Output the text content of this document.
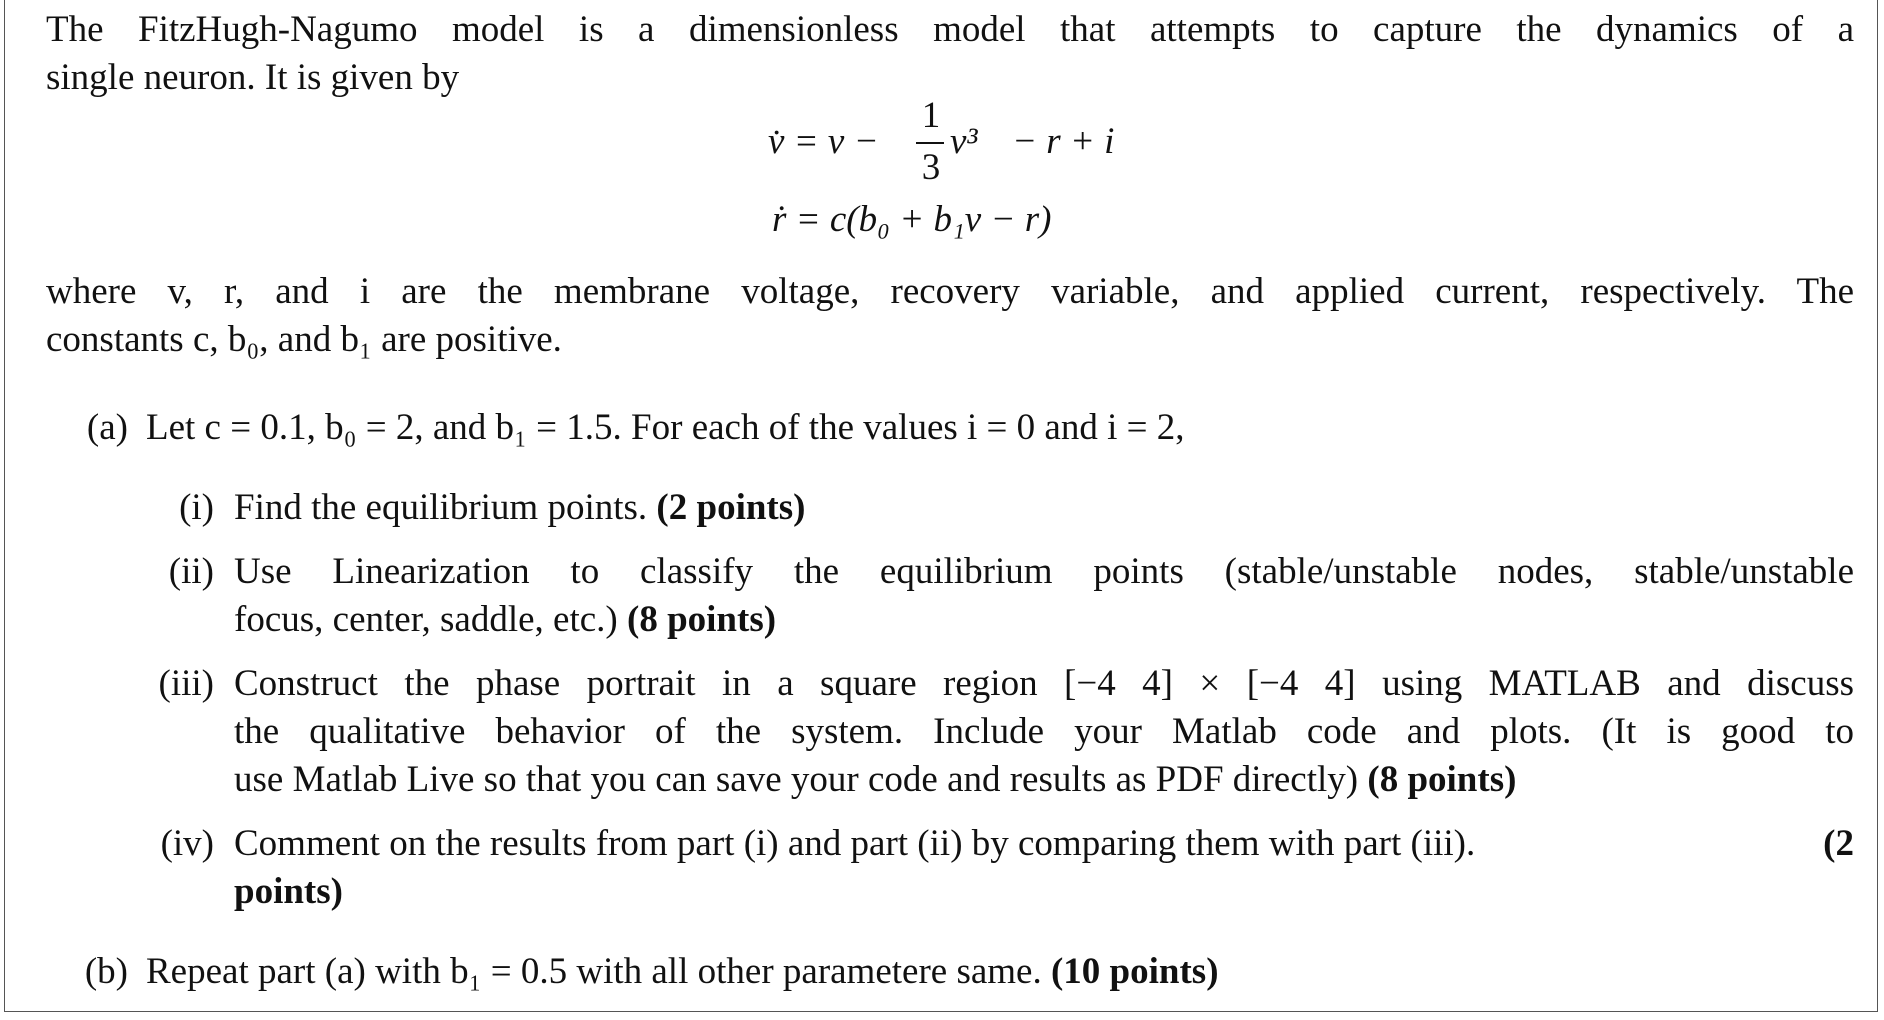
The FitzHugh-Nagumo model is a dimensionless model that attempts to capture the dynamics of a
single neuron. It is given by
v̇ = v −
1
3
v³ − r + i
ṙ = c(b₀ + b₁v − r)
where v, r, and i are the membrane voltage, recovery variable, and applied current, respectively. The
constants c, b₀, and b₁ are positive.
(a) Let c = 0.1, b₀ = 2, and b₁ = 1.5. For each of the values i = 0 and i = 2,
(i) Find the equilibrium points. (2 points)
(ii) Use Linearization to classify the equilibrium points (stable/unstable nodes, stable/unstable
focus, center, saddle, etc.) (8 points)
(iii) Construct the phase portrait in a square region [−4 4] × [−4 4] using MATLAB and discuss
the qualitative behavior of the system. Include your Matlab code and plots. (It is good to
use Matlab Live so that you can save your code and results as PDF directly) (8 points)
(iv) Comment on the results from part (i) and part (ii) by comparing them with part (iii).	(2
points)
(b) Repeat part (a) with b₁ = 0.5 with all other parametere same. (10 points)
